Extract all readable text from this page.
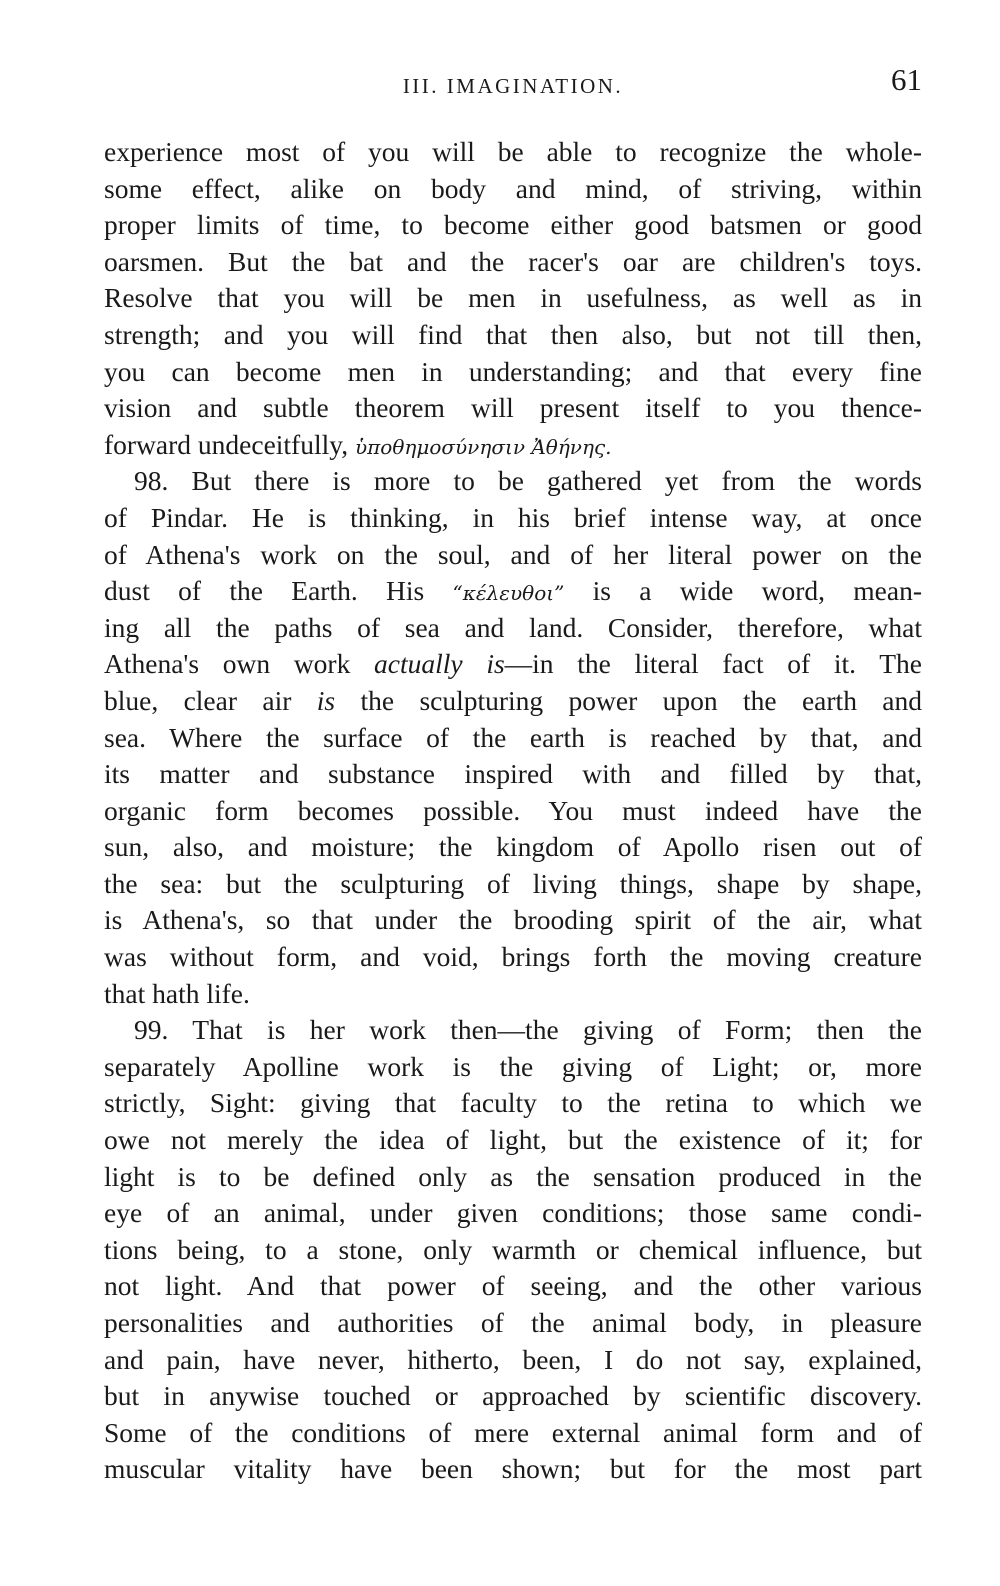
III. IMAGINATION.	61
experience most of you will be able to recognize the whole-
some effect, alike on body and mind, of striving, within
proper limits of time, to become either good batsmen or good
oarsmen. But the bat and the racer's oar are children's toys.
Resolve that you will be men in usefulness, as well as in
strength; and you will find that then also, but not till then,
you can become men in understanding; and that every fine
vision and subtle theorem will present itself to you thence-
forward undeceitfully, ὑποθημοσύνησιν Ἀθήνης.
98. But there is more to be gathered yet from the words
of Pindar. He is thinking, in his brief intense way, at once
of Athena's work on the soul, and of her literal power on the
dust of the Earth. His “κέλευθοι” is a wide word, mean-
ing all the paths of sea and land. Consider, therefore, what
Athena's own work actually is—in the literal fact of it. The
blue, clear air is the sculpturing power upon the earth and
sea. Where the surface of the earth is reached by that, and
its matter and substance inspired with and filled by that,
organic form becomes possible. You must indeed have the
sun, also, and moisture; the kingdom of Apollo risen out of
the sea: but the sculpturing of living things, shape by shape,
is Athena's, so that under the brooding spirit of the air, what
was without form, and void, brings forth the moving creature
that hath life.
99. That is her work then—the giving of Form; then the
separately Apolline work is the giving of Light; or, more
strictly, Sight: giving that faculty to the retina to which we
owe not merely the idea of light, but the existence of it; for
light is to be defined only as the sensation produced in the
eye of an animal, under given conditions; those same condi-
tions being, to a stone, only warmth or chemical influence, but
not light. And that power of seeing, and the other various
personalities and authorities of the animal body, in pleasure
and pain, have never, hitherto, been, I do not say, explained,
but in anywise touched or approached by scientific discovery.
Some of the conditions of mere external animal form and of
muscular vitality have been shown; but for the most part
